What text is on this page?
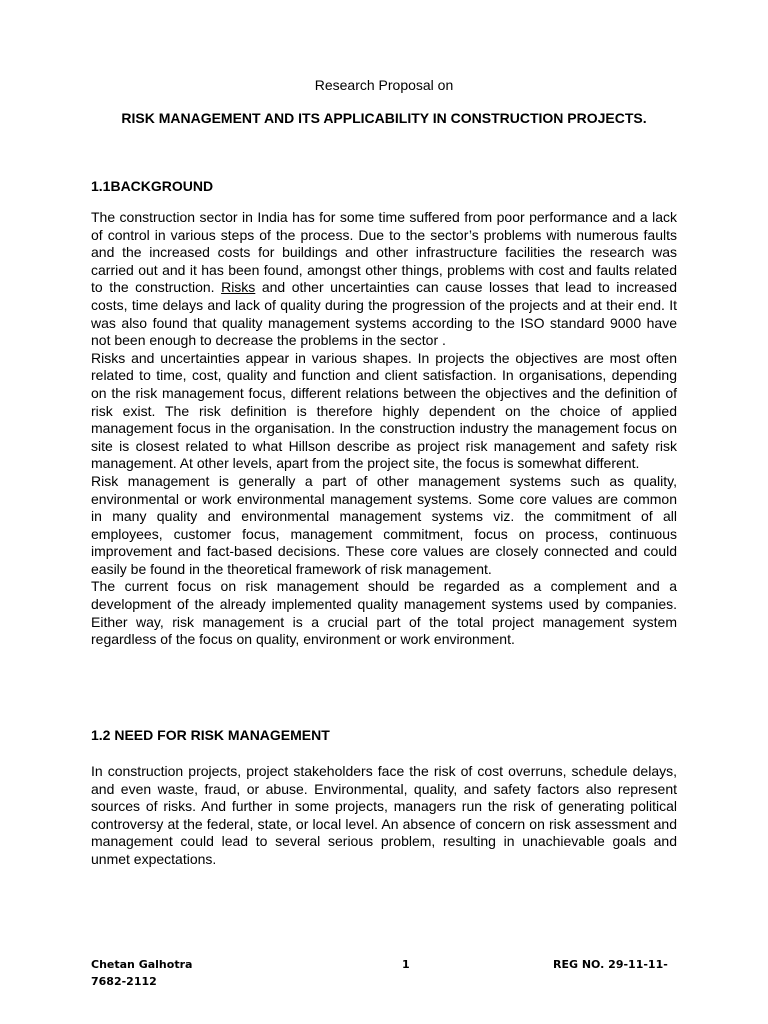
Research Proposal on
RISK MANAGEMENT AND ITS APPLICABILITY IN CONSTRUCTION PROJECTS.
1.1BACKGROUND

The construction sector in India has for some time suffered from poor performance and a lack of control in various steps of the process. Due to the sector’s problems with numerous faults and the increased costs for buildings and other infrastructure facilities the research was carried out and it has been found, amongst other things, problems with cost and faults related to the construction. Risks and other uncertainties can cause losses that lead to increased costs, time delays and lack of quality during the progression of the projects and at their end. It was also found that quality management systems according to the ISO standard 9000 have not been enough to decrease the problems in the sector .

Risks and uncertainties appear in various shapes. In projects the objectives are most often related to time, cost, quality and function and client satisfaction. In organisations, depending on the risk management focus, different relations between the objectives and the definition of risk exist. The risk definition is therefore highly dependent on the choice of applied management focus in the organisation. In the construction industry the management focus on site is closest related to what Hillson describe as project risk management and safety risk management. At other levels, apart from the project site, the focus is somewhat different.

Risk management is generally a part of other management systems such as quality, environmental or work environmental management systems. Some core values are common in many quality and environmental management systems viz. the commitment of all employees, customer focus, management commitment, focus on process, continuous improvement and fact-based decisions. These core values are closely connected and could easily be found in the theoretical framework of risk management.

The current focus on risk management should be regarded as a complement and a development of the already implemented quality management systems used by companies. Either way, risk management is a crucial part of the total project management system regardless of the focus on quality, environment or work environment.

1.2 NEED FOR RISK MANAGEMENT

In construction projects, project stakeholders face the risk of cost overruns, schedule delays, and even waste, fraud, or abuse. Environmental, quality, and safety factors also represent sources of risks. And further in some projects, managers run the risk of generating political controversy at the federal, state, or local level. An absence of concern on risk assessment and management could lead to several serious problem, resulting in unachievable goals and unmet expectations.

Chetan Galhotra
7682-2112
1	REG NO. 29-11-11-
